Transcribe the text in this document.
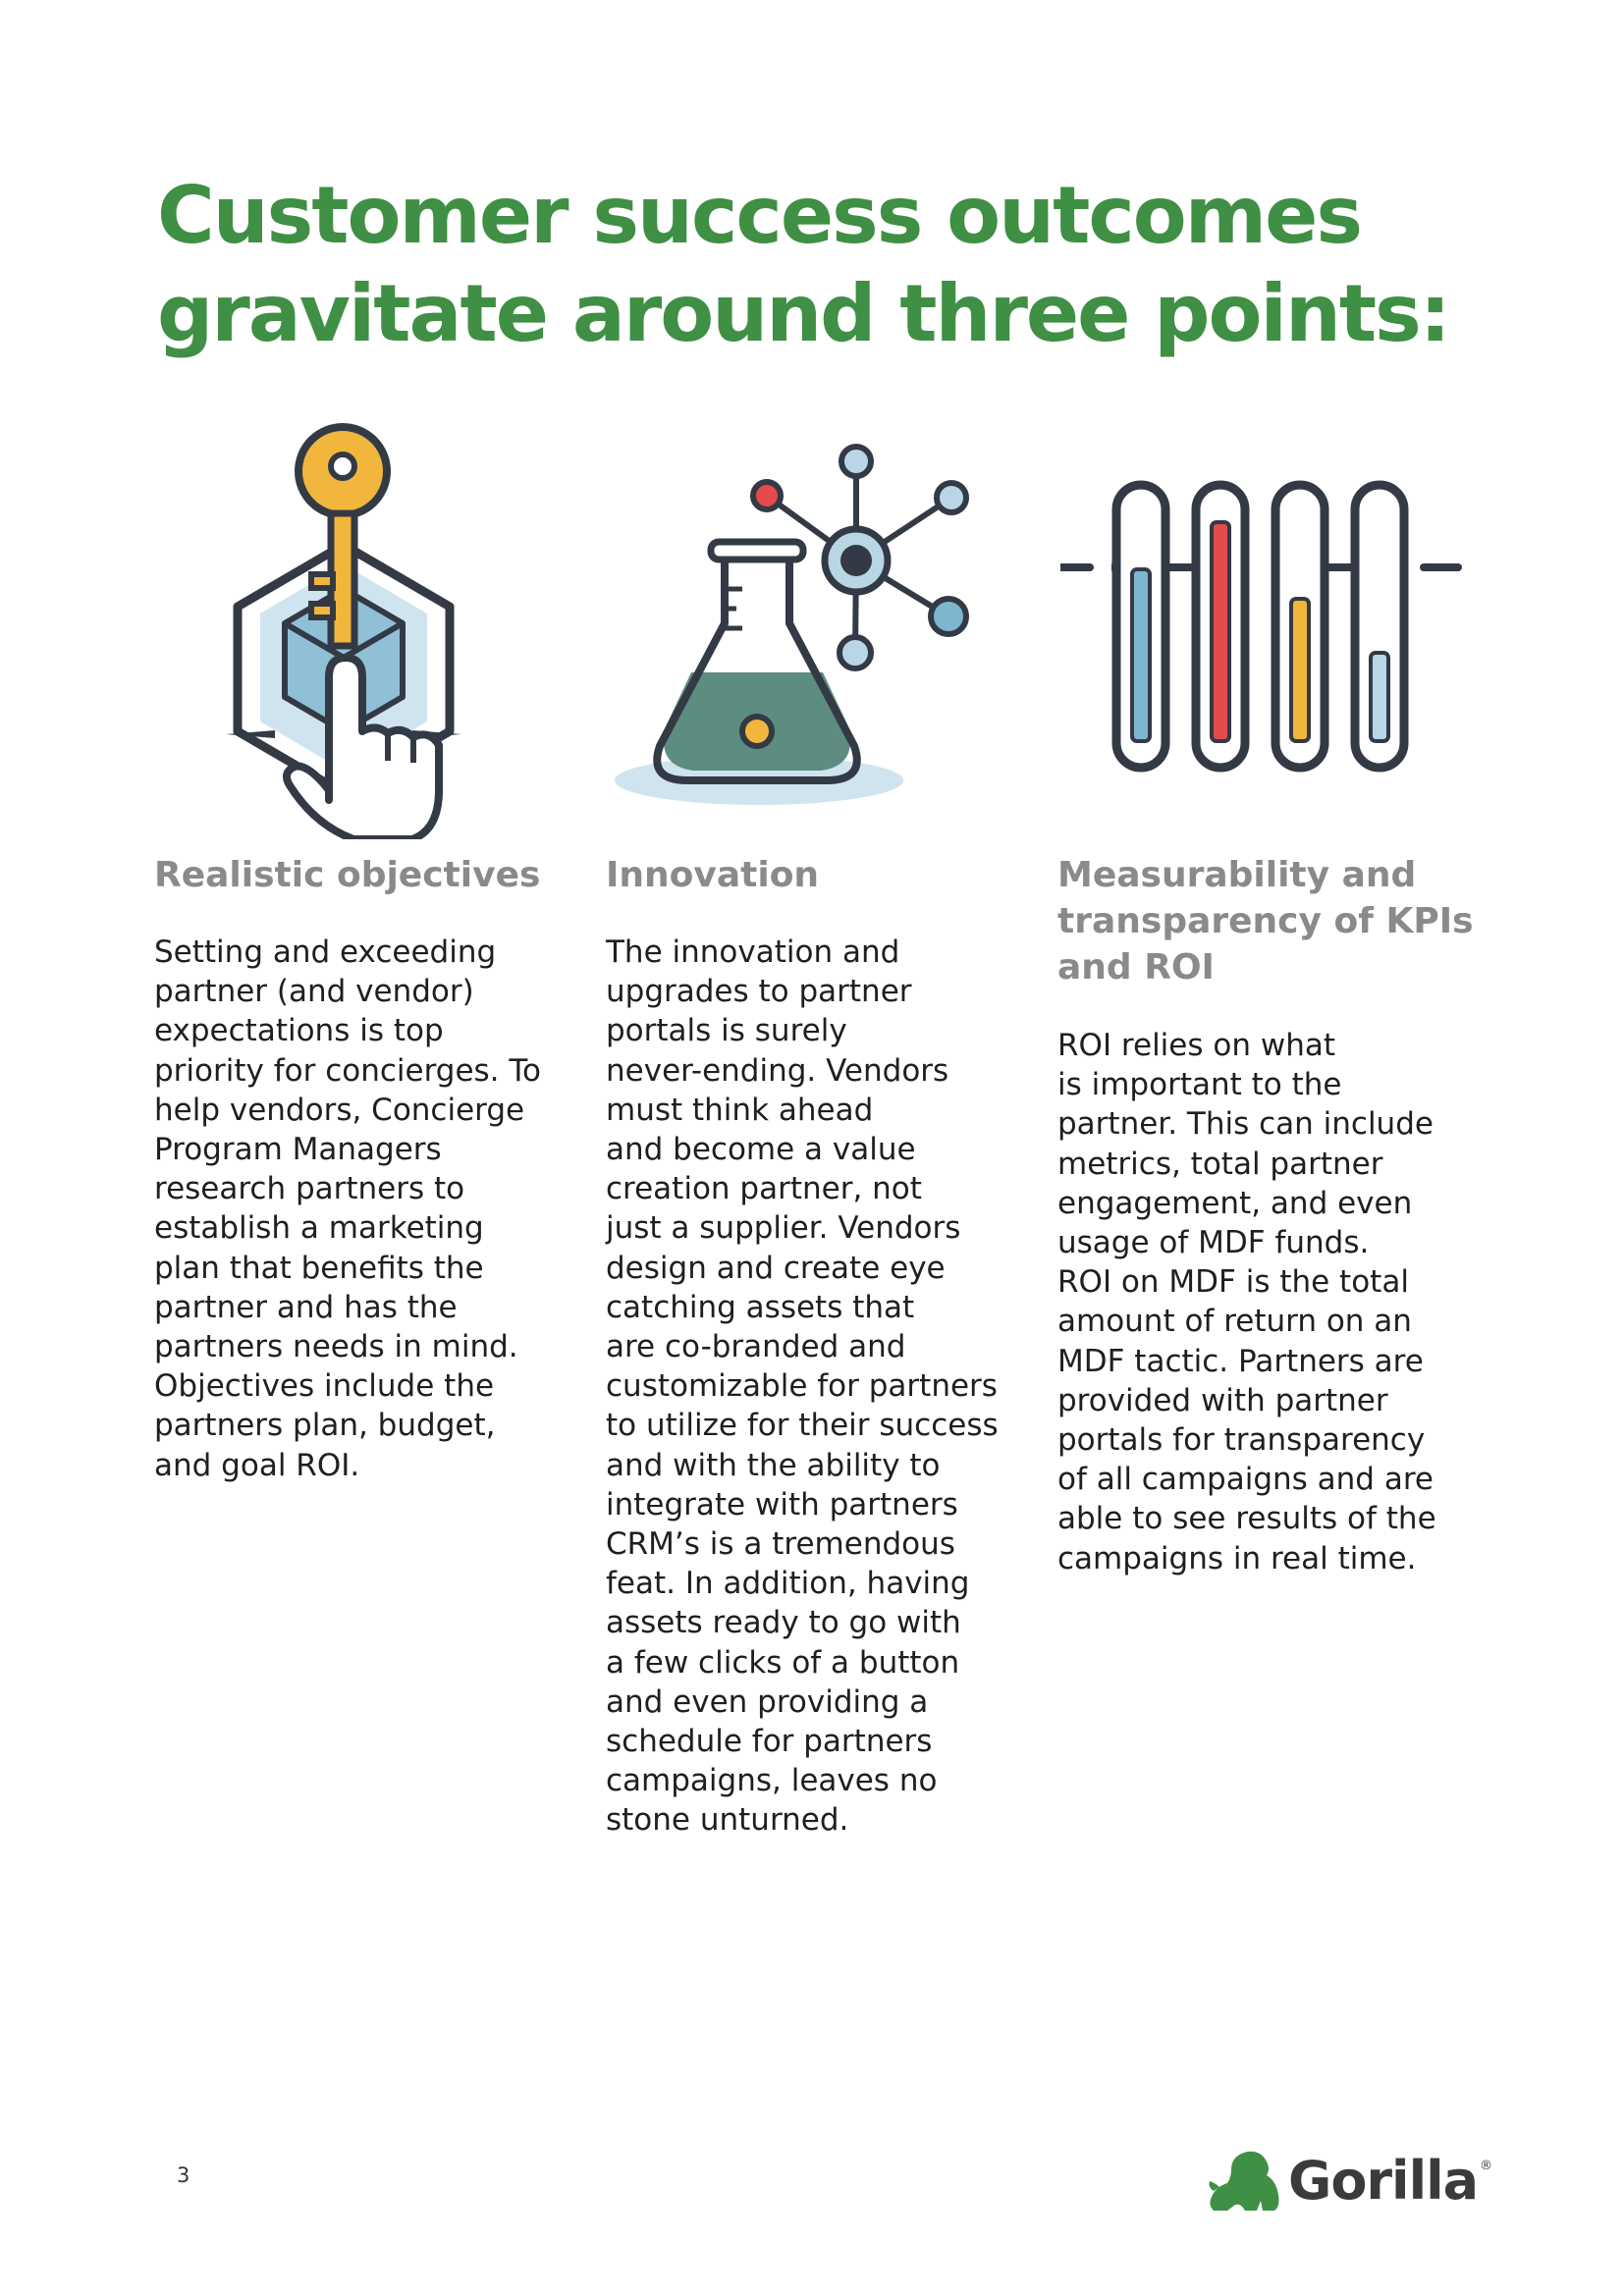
Customer success outcomes
gravitate around three points:
Realistic objectives

Setting and exceeding
partner (and vendor)
expectations is top
priority for concierges. To
help vendors, Concierge
Program Managers
research partners to
establish a marketing
plan that benefits the
partner and has the
partners needs in mind.
Objectives include the
partners plan, budget,
and goal ROI.

Innovation

The innovation and
upgrades to partner
portals is surely
never-ending. Vendors
must think ahead
and become a value
creation partner, not
just a supplier. Vendors
design and create eye
catching assets that
are co-branded and
customizable for partners
to utilize for their success
and with the ability to
integrate with partners
CRM’s is a tremendous
feat. In addition, having
assets ready to go with
a few clicks of a button
and even providing a
schedule for partners
campaigns, leaves no
stone unturned.

Measurability and
transparency of KPIs
and ROI

ROI relies on what
is important to the
partner. This can include
metrics, total partner
engagement, and even
usage of MDF funds.
ROI on MDF is the total
amount of return on an
MDF tactic. Partners are
provided with partner
portals for transparency
of all campaigns and are
able to see results of the
campaigns in real time.

3	Gorilla ®
